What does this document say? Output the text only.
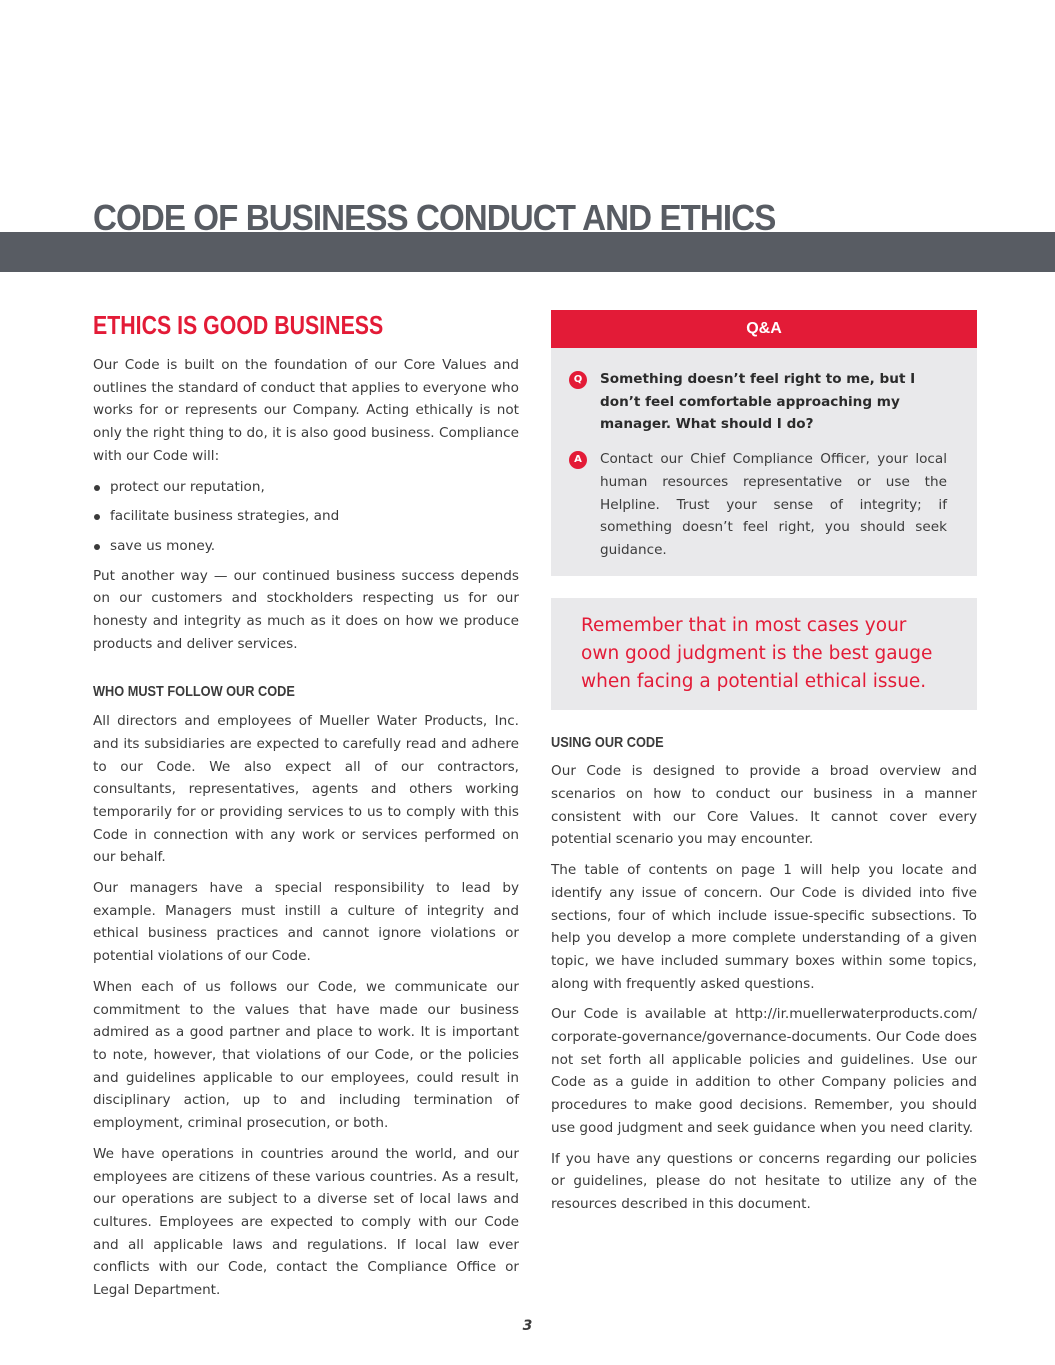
CODE OF BUSINESS CONDUCT AND ETHICS
ETHICS IS GOOD BUSINESS

Our Code is built on the foundation of our Core Values and outlines the standard of conduct that applies to everyone who works for or represents our Company. Acting ethically is not only the right thing to do, it is also good business. Compliance with our Code will:

protect our reputation,
facilitate business strategies, and
save us money.

Put another way — our continued business success depends on our customers and stockholders respecting us for our honesty and integrity as much as it does on how we produce products and deliver services.

WHO MUST FOLLOW OUR CODE

All directors and employees of Mueller Water Products, Inc. and its subsidiaries are expected to carefully read and adhere to our Code. We also expect all of our contractors, consultants, representatives, agents and others working temporarily for or providing services to us to comply with this Code in connection with any work or services performed on our behalf.

Our managers have a special responsibility to lead by example. Managers must instill a culture of integrity and ethical business practices and cannot ignore violations or potential violations of our Code.

When each of us follows our Code, we communicate our commitment to the values that have made our business admired as a good partner and place to work. It is important to note, however, that violations of our Code, or the policies and guidelines applicable to our employees, could result in disciplinary action, up to and including termination of employment, criminal prosecution, or both.

We have operations in countries around the world, and our employees are citizens of these various countries. As a result, our operations are subject to a diverse set of local laws and cultures. Employees are expected to comply with our Code and all applicable laws and regulations. If local law ever conflicts with our Code, contact the Compliance Office or Legal Department.

Q&A
Q	Something doesn’t feel right to me, but I don’t feel comfortable approaching my manager. What should I do?
A	Contact our Chief Compliance Officer, your local human resources representative or use the Helpline. Trust your sense of integrity; if something doesn’t feel right, you should seek guidance.
Remember that in most cases your own good judgment is the best gauge when facing a potential ethical issue.
USING OUR CODE

Our Code is designed to provide a broad overview and scenarios on how to conduct our business in a manner consistent with our Core Values. It cannot cover every potential scenario you may encounter.

The table of contents on page 1 will help you locate and identify any issue of concern. Our Code is divided into five sections, four of which include issue-specific subsections. To help you develop a more complete understanding of a given topic, we have included summary boxes within some topics, along with frequently asked questions.

Our Code is available at http://ir.muellerwaterproducts.com/ corporate-governance/governance-documents. Our Code does not set forth all applicable policies and guidelines. Use our Code as a guide in addition to other Company policies and procedures to make good decisions. Remember, you should use good judgment and seek guidance when you need clarity.

If you have any questions or concerns regarding our policies or guidelines, please do not hesitate to utilize any of the resources described in this document.

3
